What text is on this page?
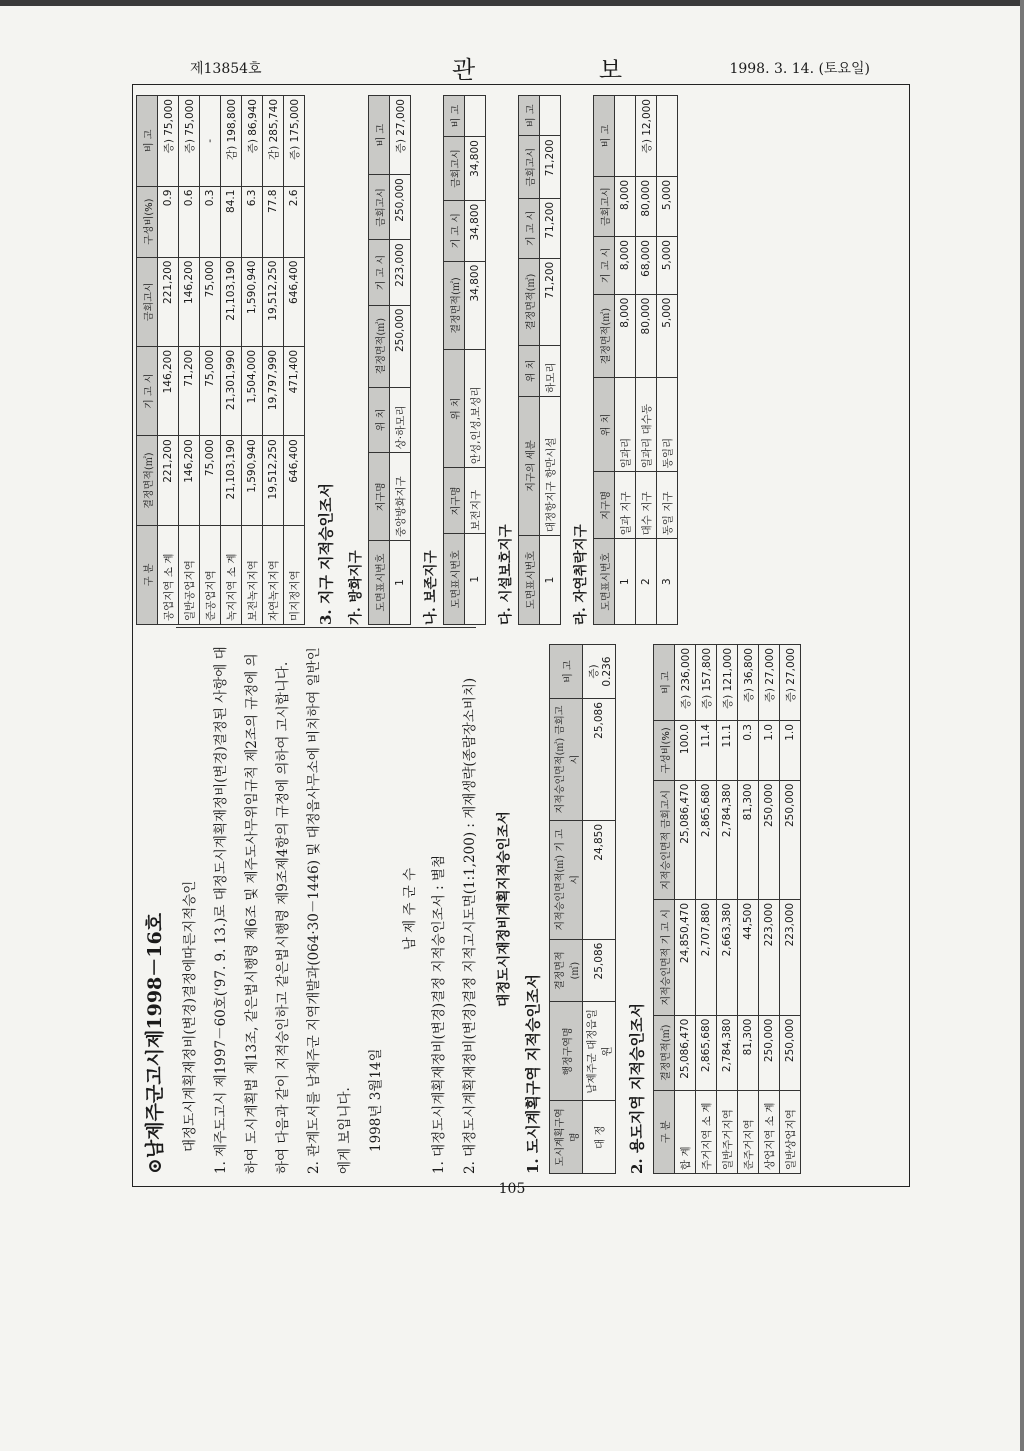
제13854호	관 보	1998. 3. 14. (토요일)
⊙남제주군고시제1998－16호	대정도시계획재정비(변경)결정에따른지적승인	1. 제주도고시 제1997－60호('97. 9. 13.)로 대정도시계획재정비(변경)결정된 사항에 대하여 도시계획법 제13조, 같은법시행령 제6조 및 제주도사무위임규칙 제2조의 규정에 의하여 다음과 같이 지적승인하고 같은법시행령 제9조제4항의 규정에 의하여 고시합니다.	2. 관계도서를 남제주군 지역개발과(064·30－1446) 및 대정읍사무소에 비치하여 일반인에게 보입니다.	1998년 3월14일

남 제 주 군 수 1. 대정도시계획재정비(변경)결정 지적승인조서 : 별첨	2. 대정도시계획재정비(변경)결정 지적고시도면(1:1,200) : 게재생략(종람장소비치)	대정도시재정비계획지적승인조서

1. 도시계획구역 지적승인조서 도시계획구역명	행정구역명	결정면적(㎡)	지적승인면적(㎡) 기 고 시	지적승인면적(㎡) 금회고시	비 고
대 정	남제주군 대정읍일원	25,086	24,850	25,086	증) 0.236
2. 용도지역 지적승인조서 구 분	결정면적(㎡)	지적승인면적 기 고 시	지적승인면적 금회고시	구성비(%)	비 고
합 계	25,086,470	24,850,470	25,086,470	100.0	증) 236,000
주거지역 소 계	2,865,680	2,707,880	2,865,680	11.4	증) 157,800
일반주거지역	2,784,380	2,663,380	2,784,380	11.1	증) 121,000
준주거지역	81,300	44,500	81,300	0.3	증) 36,800
상업지역 소 계	250,000	223,000	250,000	1.0	증) 27,000
일반상업지역	250,000	223,000	250,000	1.0	증) 27,000
구 분	결정면적(㎡)	기 고 시	금회고시	구성비(%)	비 고
공업지역 소 계	221,200	146,200	221,200	0.9	증) 75,000
일반공업지역	146,200	71,200	146,200	0.6	증) 75,000
준공업지역	75,000	75,000	75,000	0.3	-
녹지지역 소 계	21,103,190	21,301,990	21,103,190	84.1	감) 198,800
보전녹지지역	1,590,940	1,504,000	1,590,940	6.3	증) 86,940
자연녹지지역	19,512,250	19,797,990	19,512,250	77.8	감) 285,740
미지정지역	646,400	471,400	646,400	2.6	증) 175,000
3. 지구 지적승인조서 가. 방화지구 도면표시번호	지구명	위 치	결정면적(㎡)	기 고 시	금회고시	비 고
1	중앙방화지구	상·하모리	250,000	223,000	250,000	증) 27,000
나. 보존지구 도면표시번호	지구명	위 치	결정면적(㎡)	기 고 시	금회고시	비 고
1	보전지구	안성,인성,보성리	34,800	34,800	34,800	
다. 시설보호지구 도면표시번호	지구의 세분	위 치	결정면적(㎡)	기 고 시	금회고시	비 고
1	대정항지구 항만시설	하모리	71,200	71,200	71,200	
라. 자연취락지구 도면표시번호	지구명	위 치	결정면적(㎡)	기 고 시	금회고시	비 고
1	일과 지구	일과리	8,000	8,000	8,000	
2	대수 지구	일과리 대수동	80,000	68,000	80,000	증) 12,000
3	동일 지구	동일리	5,000	5,000	5,000	
105
